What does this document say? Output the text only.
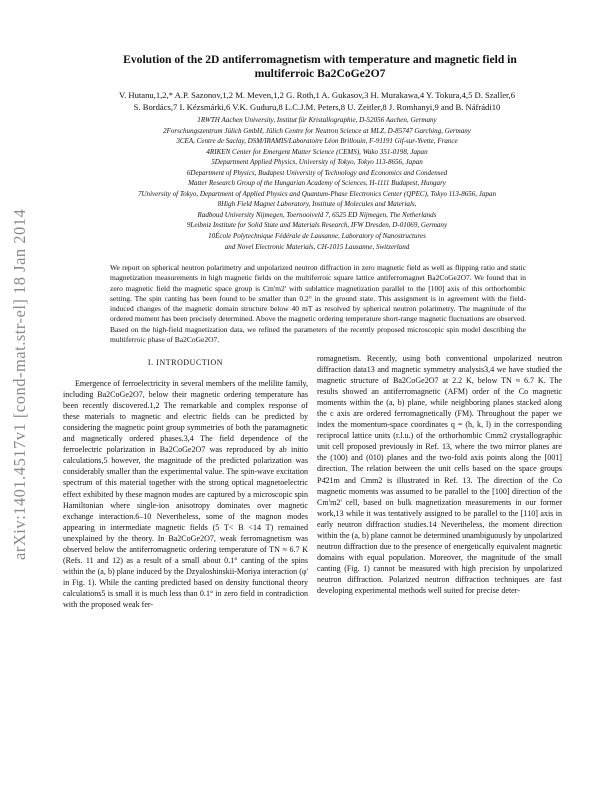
arXiv:1401.4517v1 [cond-mat.str-el] 18 Jan 2014
Evolution of the 2D antiferromagnetism with temperature and magnetic field in
multiferroic Ba2CoGe2O7
V. Hutanu,1,2,* A.P. Sazonov,1,2 M. Meven,1,2 G. Roth,1 A. Gukasov,3 H. Murakawa,4 Y. Tokura,4,5 D. Szaller,6
S. Bordács,7 I. Kézsmárki,6 V.K. Guduru,8 L.C.J.M. Peters,8 U. Zeitler,8 J. Romhanyi,9 and B. Náfrádi10
1RWTH Aachen University, Institut für Kristallographie, D-52056 Aachen, Germany
2Forschungszentrum Jülich GmbH, Jülich Centre for Neutron Science at MLZ, D-85747 Garching, Germany
3CEA, Centre de Saclay, DSM/IRAMIS/Laboratoire Léon Brillouin, F-91191 Gif-sur-Yvette, France
4RIKEN Center for Emergent Matter Science (CEMS), Wako 351-0198, Japan
5Department Applied Physics, University of Tokyo, Tokyo 113-8656, Japan
6Department of Physics, Budapest University of Technology and Economics and Condensed
Matter Research Group of the Hungarian Academy of Sciences, H-1111 Budapest, Hungary
7University of Tokyo, Department of Applied Physics and Quantum-Phase Electronics Center (QPEC), Tokyo 113-8656, Japan
8High Field Magnet Laboratory, Institute of Molecules and Materials,
Radboud University Nijmegen, Toernooiveld 7, 6525 ED Nijmegen, The Netherlands
9Leibniz Institute for Solid State and Materials Research, IFW Dresden, D-01069, Germany
10École Polytechnique Fédérale de Lausanne, Laboratory of Nanostructures
and Novel Electronic Materials, CH-1015 Lausanne, Switzerland
We report on spherical neutron polarimetry and unpolarized neutron diffraction in zero magnetic field as well as flipping ratio and static magnetization measurements in high magnetic fields on the multiferroic square lattice antiferromagnet Ba2CoGe2O7. We found that in zero magnetic field the magnetic space group is Cm'm2' with sublattice magnetization parallel to the [100] axis of this orthorhombic setting. The spin canting has been found to be smaller than 0.2° in the ground state. This assignment is in agreement with the field-induced changes of the magnetic domain structure below 40 mT as resolved by spherical neutron polarimetry. The magnitude of the ordered moment has been precisely determined. Above the magnetic ordering temperature short-range magnetic fluctuations are observed. Based on the high-field magnetization data, we refined the parameters of the recently proposed microscopic spin model describing the multiferroic phase of Ba2CoGe2O7.
I. INTRODUCTION

Emergence of ferroelectricity in several members of the melilite family, including Ba2CoGe2O7, below their magnetic ordering temperature has been recently discovered.1,2 The remarkable and complex response of these materials to magnetic and electric fields can be predicted by considering the magnetic point group symmetries of both the paramagnetic and magnetically ordered phases.3,4 The field dependence of the ferroelectric polarization in Ba2CoGe2O7 was reproduced by ab initio calculations,5 however, the magnitude of the predicted polarization was considerably smaller than the experimental value. The spin-wave excitation spectrum of this material together with the strong optical magnetoelectric effect exhibited by these magnon modes are captured by a microscopic spin Hamiltonian where single-ion anisotropy dominates over magnetic exchange interaction.6–10 Nevertheless, some of the magnon modes appearing in intermediate magnetic fields (5 T< B <14 T) remained unexplained by the theory. In Ba2CoGe2O7, weak ferromagnetism was observed below the antiferromagnetic ordering temperature of TN ≈ 6.7 K (Refs. 11 and 12) as a result of a small about 0.1° canting of the spins within the (a, b) plane induced by the Dzyaloshinskii-Moriya interaction (φ' in Fig. 1). While the canting predicted based on density functional theory calculations5 is small it is much less than 0.1° in zero field in contradiction with the proposed weak fer-

romagnetism. Recently, using both conventional unpolarized neutron diffraction data13 and magnetic symmetry analysis3,4 we have studied the magnetic structure of Ba2CoGe2O7 at 2.2 K, below TN ≈ 6.7 K. The results showed an antiferromagnetic (AFM) order of the Co magnetic moments within the (a, b) plane, while neighboring planes stacked along the c axis are ordered ferromagnetically (FM). Throughout the paper we index the momentum-space coordinates q = (h, k, l) in the corresponding reciprocal lattice units (r.l.u.) of the orthorhombic Cmm2 crystallographic unit cell proposed previously in Ref. 13, where the two mirror planes are the (100) and (010) planes and the two-fold axis points along the [001] direction. The relation between the unit cells based on the space groups P4̄21m and Cmm2 is illustrated in Ref. 13. The direction of the Co magnetic moments was assumed to be parallel to the [100] direction of the Cm'm2' cell, based on bulk magnetization measurements in our former work,13 while it was tentatively assigned to be parallel to the [110] axis in early neutron diffraction studies.14 Nevertheless, the moment direction within the (a, b) plane cannot be determined unambiguously by unpolarized neutron diffraction due to the presence of energetically equivalent magnetic domains with equal population. Moreover, the magnitude of the small canting (Fig. 1) cannot be measured with high precision by unpolarized neutron diffraction. Polarized neutron diffraction techniques are fast developing experimental methods well suited for precise deter-
